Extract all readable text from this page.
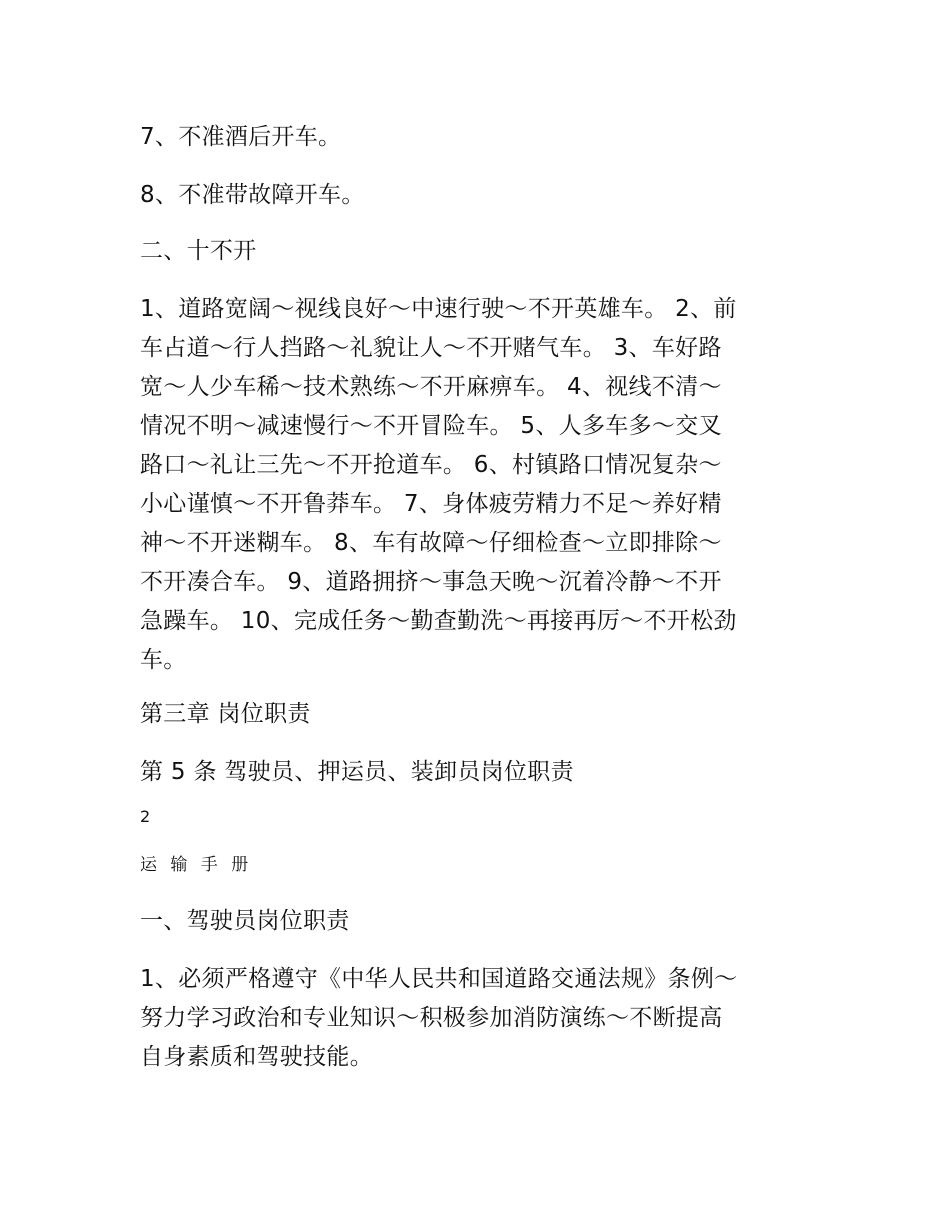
7、不准酒后开车。
8、不准带故障开车。
二、十不开
1、道路宽阔～视线良好～中速行驶～不开英雄车。 2、前
车占道～行人挡路～礼貌让人～不开赌气车。 3、车好路
宽～人少车稀～技术熟练～不开麻痹车。 4、视线不清～
情况不明～减速慢行～不开冒险车。 5、人多车多～交叉
路口～礼让三先～不开抢道车。 6、村镇路口情况复杂～
小心谨慎～不开鲁莽车。 7、身体疲劳精力不足～养好精
神～不开迷糊车。 8、车有故障～仔细检查～立即排除～
不开凑合车。 9、道路拥挤～事急天晚～沉着冷静～不开
急躁车。 10、完成任务～勤查勤洗～再接再厉～不开松劲
车。
第三章 岗位职责
第 5 条 驾驶员、押运员、装卸员岗位职责
2
运 输 手 册
一、驾驶员岗位职责
1、必须严格遵守《中华人民共和国道路交通法规》条例～
努力学习政治和专业知识～积极参加消防演练～不断提高
自身素质和驾驶技能。
